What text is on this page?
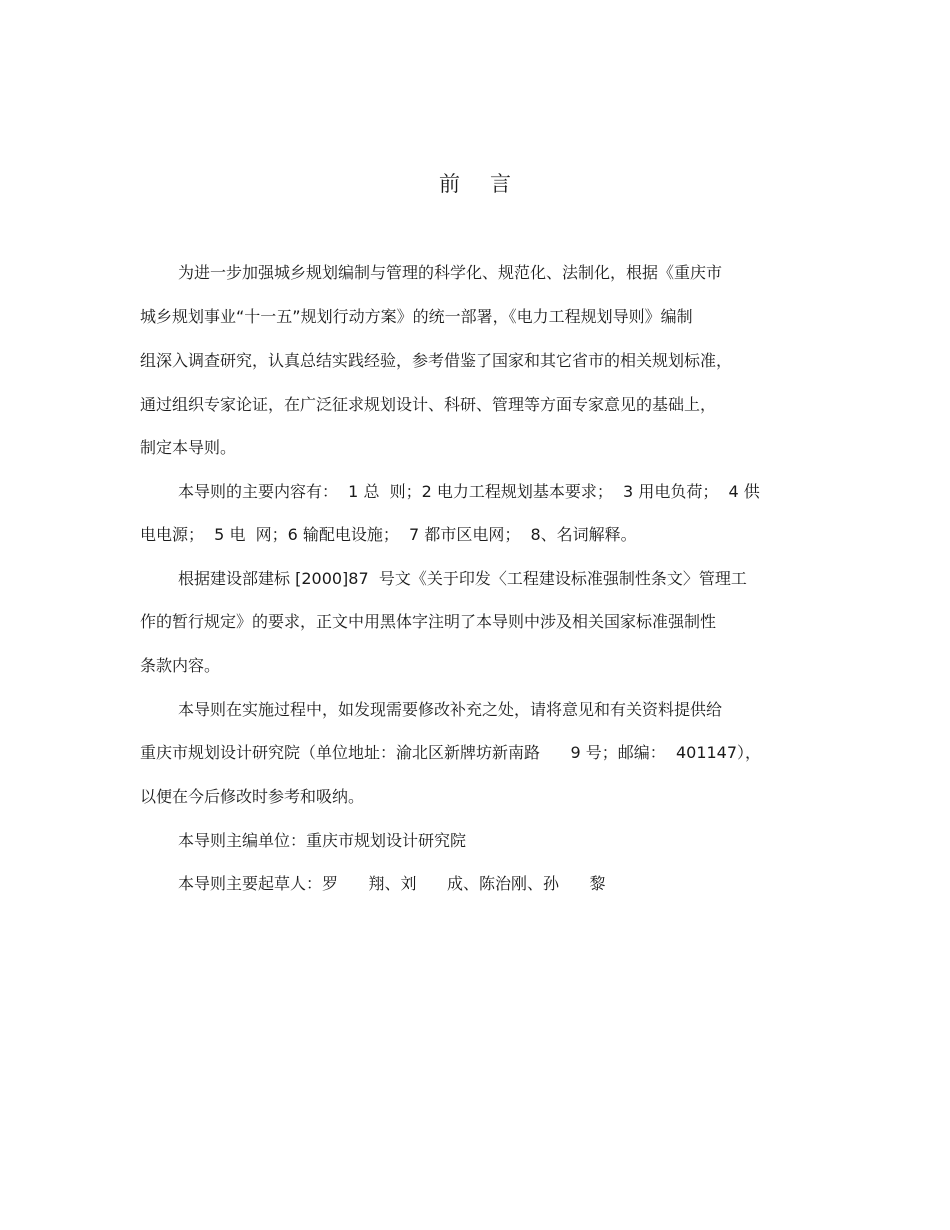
前 言
为进一步加强城乡规划编制与管理的科学化、规范化、法制化，根据《重庆市
城乡规划事业“十一五”规划行动方案》的统一部署，《电力工程规划导则》编制
组深入调查研究，认真总结实践经验，参考借鉴了国家和其它省市的相关规划标准，
通过组织专家论证，在广泛征求规划设计、科研、管理等方面专家意见的基础上，
制定本导则。
本导则的主要内容有：  1 总  则；2 电力工程规划基本要求；  3 用电负荷；  4 供
电电源；  5 电  网；6 输配电设施；  7 都市区电网；  8、名词解释。
根据建设部建标 [2000]87  号文《关于印发〈工程建设标准强制性条文〉管理工
作的暂行规定》的要求，正文中用黑体字注明了本导则中涉及相关国家标准强制性
条款内容。
本导则在实施过程中，如发现需要修改补充之处，请将意见和有关资料提供给
重庆市规划设计研究院（单位地址：渝北区新牌坊新南路      9 号；邮编：  401147），
以便在今后修改时参考和吸纳。
本导则主编单位：重庆市规划设计研究院
本导则主要起草人：罗      翔、刘      成、陈治刚、孙      黎
